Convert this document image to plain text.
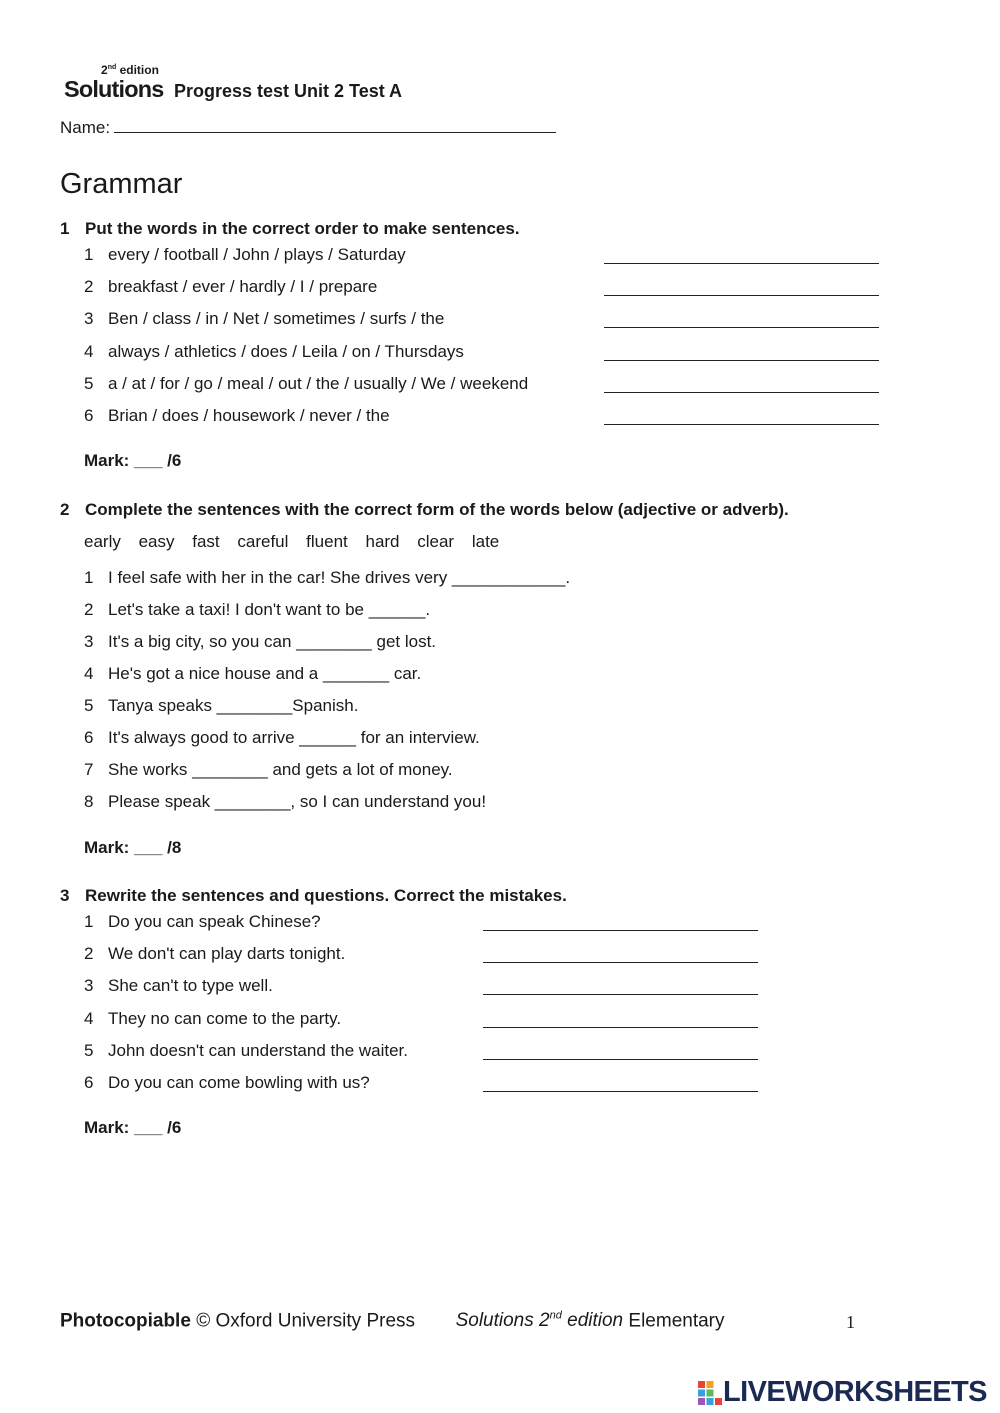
2nd edition
Solutions Progress test Unit 2 Test A
Name:
Grammar
1 Put the words in the correct order to make sentences.
1 every / football / John / plays / Saturday
2 breakfast / ever / hardly / I / prepare
3 Ben / class / in / Net / sometimes / surfs / the
4 always / athletics / does / Leila / on / Thursdays
5 a / at / for / go / meal / out / the / usually / We / weekend
6 Brian / does / housework / never / the
Mark: ___ /6
2 Complete the sentences with the correct form of the words below (adjective or adverb).
early easy fast careful fluent hard clear late
1 I feel safe with her in the car! She drives very ____________.
2 Let's take a taxi! I don't want to be ______.
3 It's a big city, so you can ________ get lost.
4 He's got a nice house and a _______ car.
5 Tanya speaks ________Spanish.
6 It's always good to arrive ______ for an interview.
7 She works ________ and gets a lot of money.
8 Please speak ________, so I can understand you!
Mark: ___ /8
3 Rewrite the sentences and questions. Correct the mistakes.
1 Do you can speak Chinese?
2 We don't can play darts tonight.
3 She can't to type well.
4 They no can come to the party.
5 John doesn't can understand the waiter.
6 Do you can come bowling with us?
Mark: ___ /6
Photocopiable © Oxford University Press Solutions 2nd edition Elementary	1
LIVEWORKSHEETS
